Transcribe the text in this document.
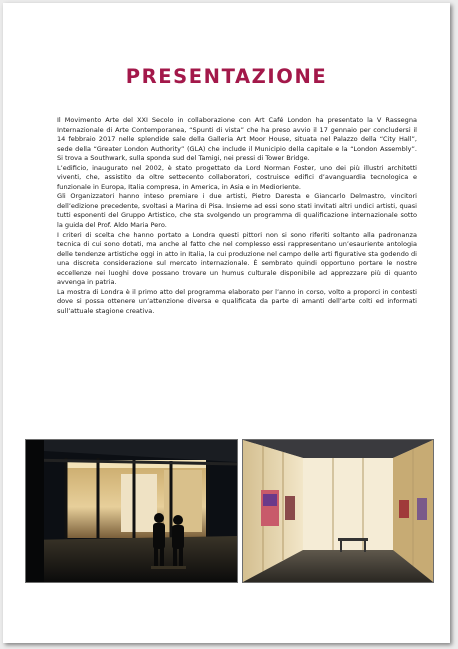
PRESENTAZIONE

Il Movimento Arte del XXI Secolo in collaborazione con Art Café London ha presentato la V Rassegna Internazionale di Arte Contemporanea, “Spunti di vista” che ha preso avvio il 17 gennaio per concludersi il 14 febbraio 2017 nelle splendide sale della Galleria Art Moor House, situata nel Palazzo della “City Hall”, sede della “Greater London Authority” (GLA) che include il Municipio della capitale e la “London Assembly”. Si trova a Southwark, sulla sponda sud del Tamigi, nei pressi di Tower Bridge.

L’edificio, inaugurato nel 2002, è stato progettato da Lord Norman Foster, uno dei più illustri architetti viventi, che, assistito da oltre settecento collaboratori, costruisce edifici d’avanguardia tecnologica e funzionale in Europa, Italia compresa, in America, in Asia e in Medioriente.

Gli Organizzatori hanno inteso premiare i due artisti, Pietro Daresta e Giancarlo Delmastro, vincitori dell’edizione precedente, svoltasi a Marina di Pisa. Insieme ad essi sono stati invitati altri undici artisti, quasi tutti esponenti del Gruppo Artistico, che sta svolgendo un programma di qualificazione internazionale sotto la guida del Prof. Aldo Maria Pero.

I criteri di scelta che hanno portato a Londra questi pittori non si sono riferiti soltanto alla padronanza tecnica di cui sono dotati, ma anche al fatto che nel complesso essi rappresentano un’esauriente antologia delle tendenze artistiche oggi in atto in Italia, la cui produzione nel campo delle arti figurative sta godendo di una discreta considerazione sul mercato internazionale. È sembrato quindi opportuno portare le nostre eccellenze nei luoghi dove possano trovare un humus culturale disponibile ad apprezzare più di quanto avvenga in patria.

La mostra di Londra è il primo atto del programma elaborato per l’anno in corso, volto a proporci in contesti dove si possa ottenere un’attenzione diversa e qualificata da parte di amanti dell’arte colti ed informati sull’attuale stagione creativa.
